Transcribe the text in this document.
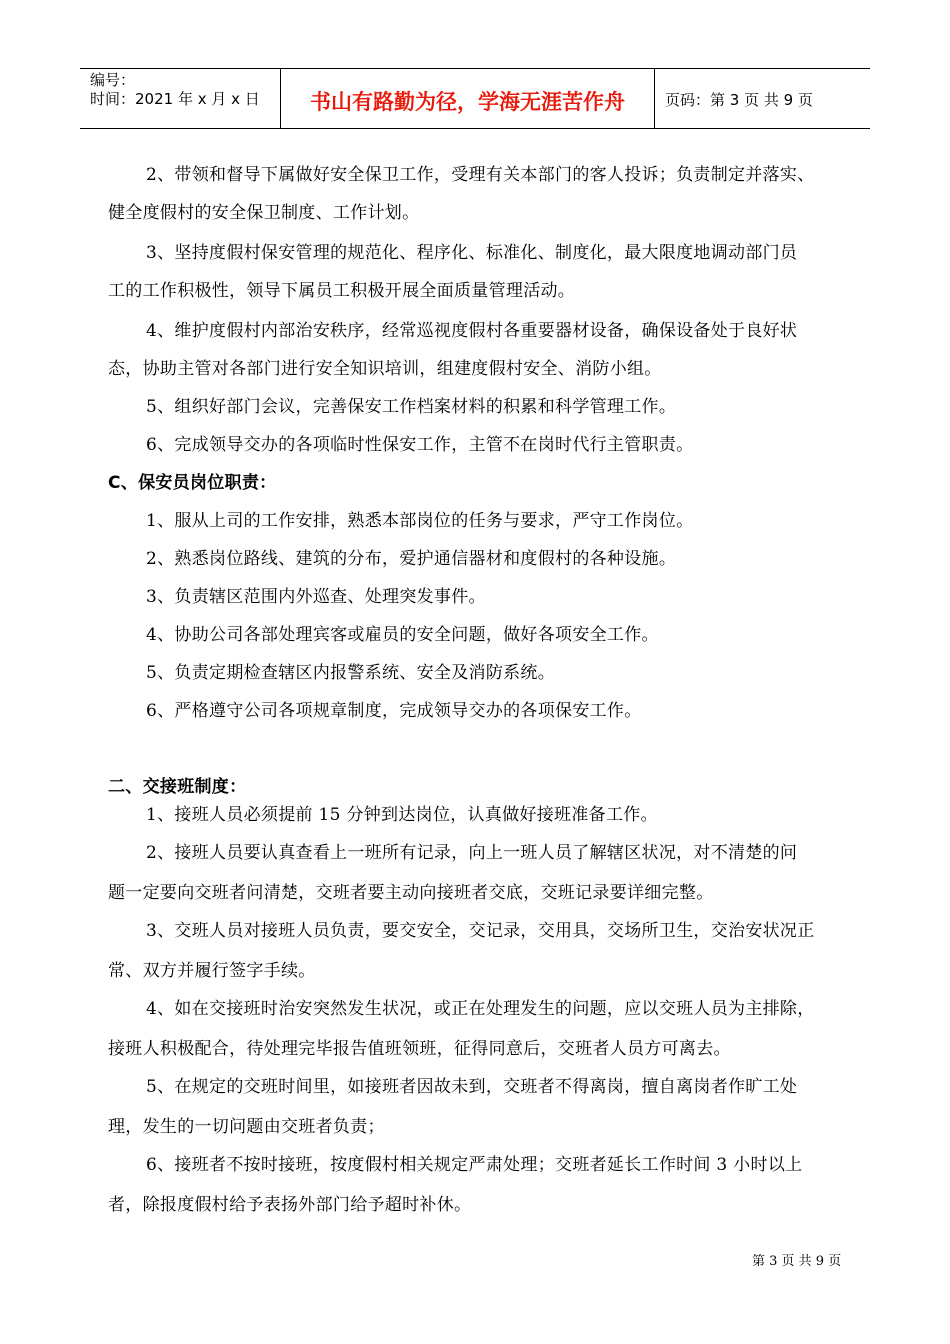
编号：
时间：2021 年 x 月 x 日	书山有路勤为径，学海无涯苦作舟	页码：第 3 页 共 9 页
2、带领和督导下属做好安全保卫工作，受理有关本部门的客人投诉；负责制定并落实、
健全度假村的安全保卫制度、工作计划。
3、坚持度假村保安管理的规范化、程序化、标准化、制度化，最大限度地调动部门员
工的工作积极性，领导下属员工积极开展全面质量管理活动。
4、维护度假村内部治安秩序，经常巡视度假村各重要器材设备，确保设备处于良好状
态，协助主管对各部门进行安全知识培训，组建度假村安全、消防小组。
5、组织好部门会议，完善保安工作档案材料的积累和科学管理工作。
6、完成领导交办的各项临时性保安工作，主管不在岗时代行主管职责。
C、保安员岗位职责：
1、服从上司的工作安排，熟悉本部岗位的任务与要求，严守工作岗位。
2、熟悉岗位路线、建筑的分布，爱护通信器材和度假村的各种设施。
3、负责辖区范围内外巡查、处理突发事件。
4、协助公司各部处理宾客或雇员的安全问题，做好各项安全工作。
5、负责定期检查辖区内报警系统、安全及消防系统。
6、严格遵守公司各项规章制度，完成领导交办的各项保安工作。
二、交接班制度：
1、接班人员必须提前 15 分钟到达岗位，认真做好接班准备工作。
2、接班人员要认真查看上一班所有记录，向上一班人员了解辖区状况，对不清楚的问
题一定要向交班者问清楚，交班者要主动向接班者交底，交班记录要详细完整。
3、交班人员对接班人员负责，要交安全，交记录，交用具，交场所卫生，交治安状况正
常、双方并履行签字手续。
4、如在交接班时治安突然发生状况，或正在处理发生的问题，应以交班人员为主排除，
接班人积极配合，待处理完毕报告值班领班，征得同意后，交班者人员方可离去。
5、在规定的交班时间里，如接班者因故未到，交班者不得离岗，擅自离岗者作旷工处
理，发生的一切问题由交班者负责；
6、接班者不按时接班，按度假村相关规定严肃处理；交班者延长工作时间 3 小时以上
者，除报度假村给予表扬外部门给予超时补休。
第 3 页 共 9 页
